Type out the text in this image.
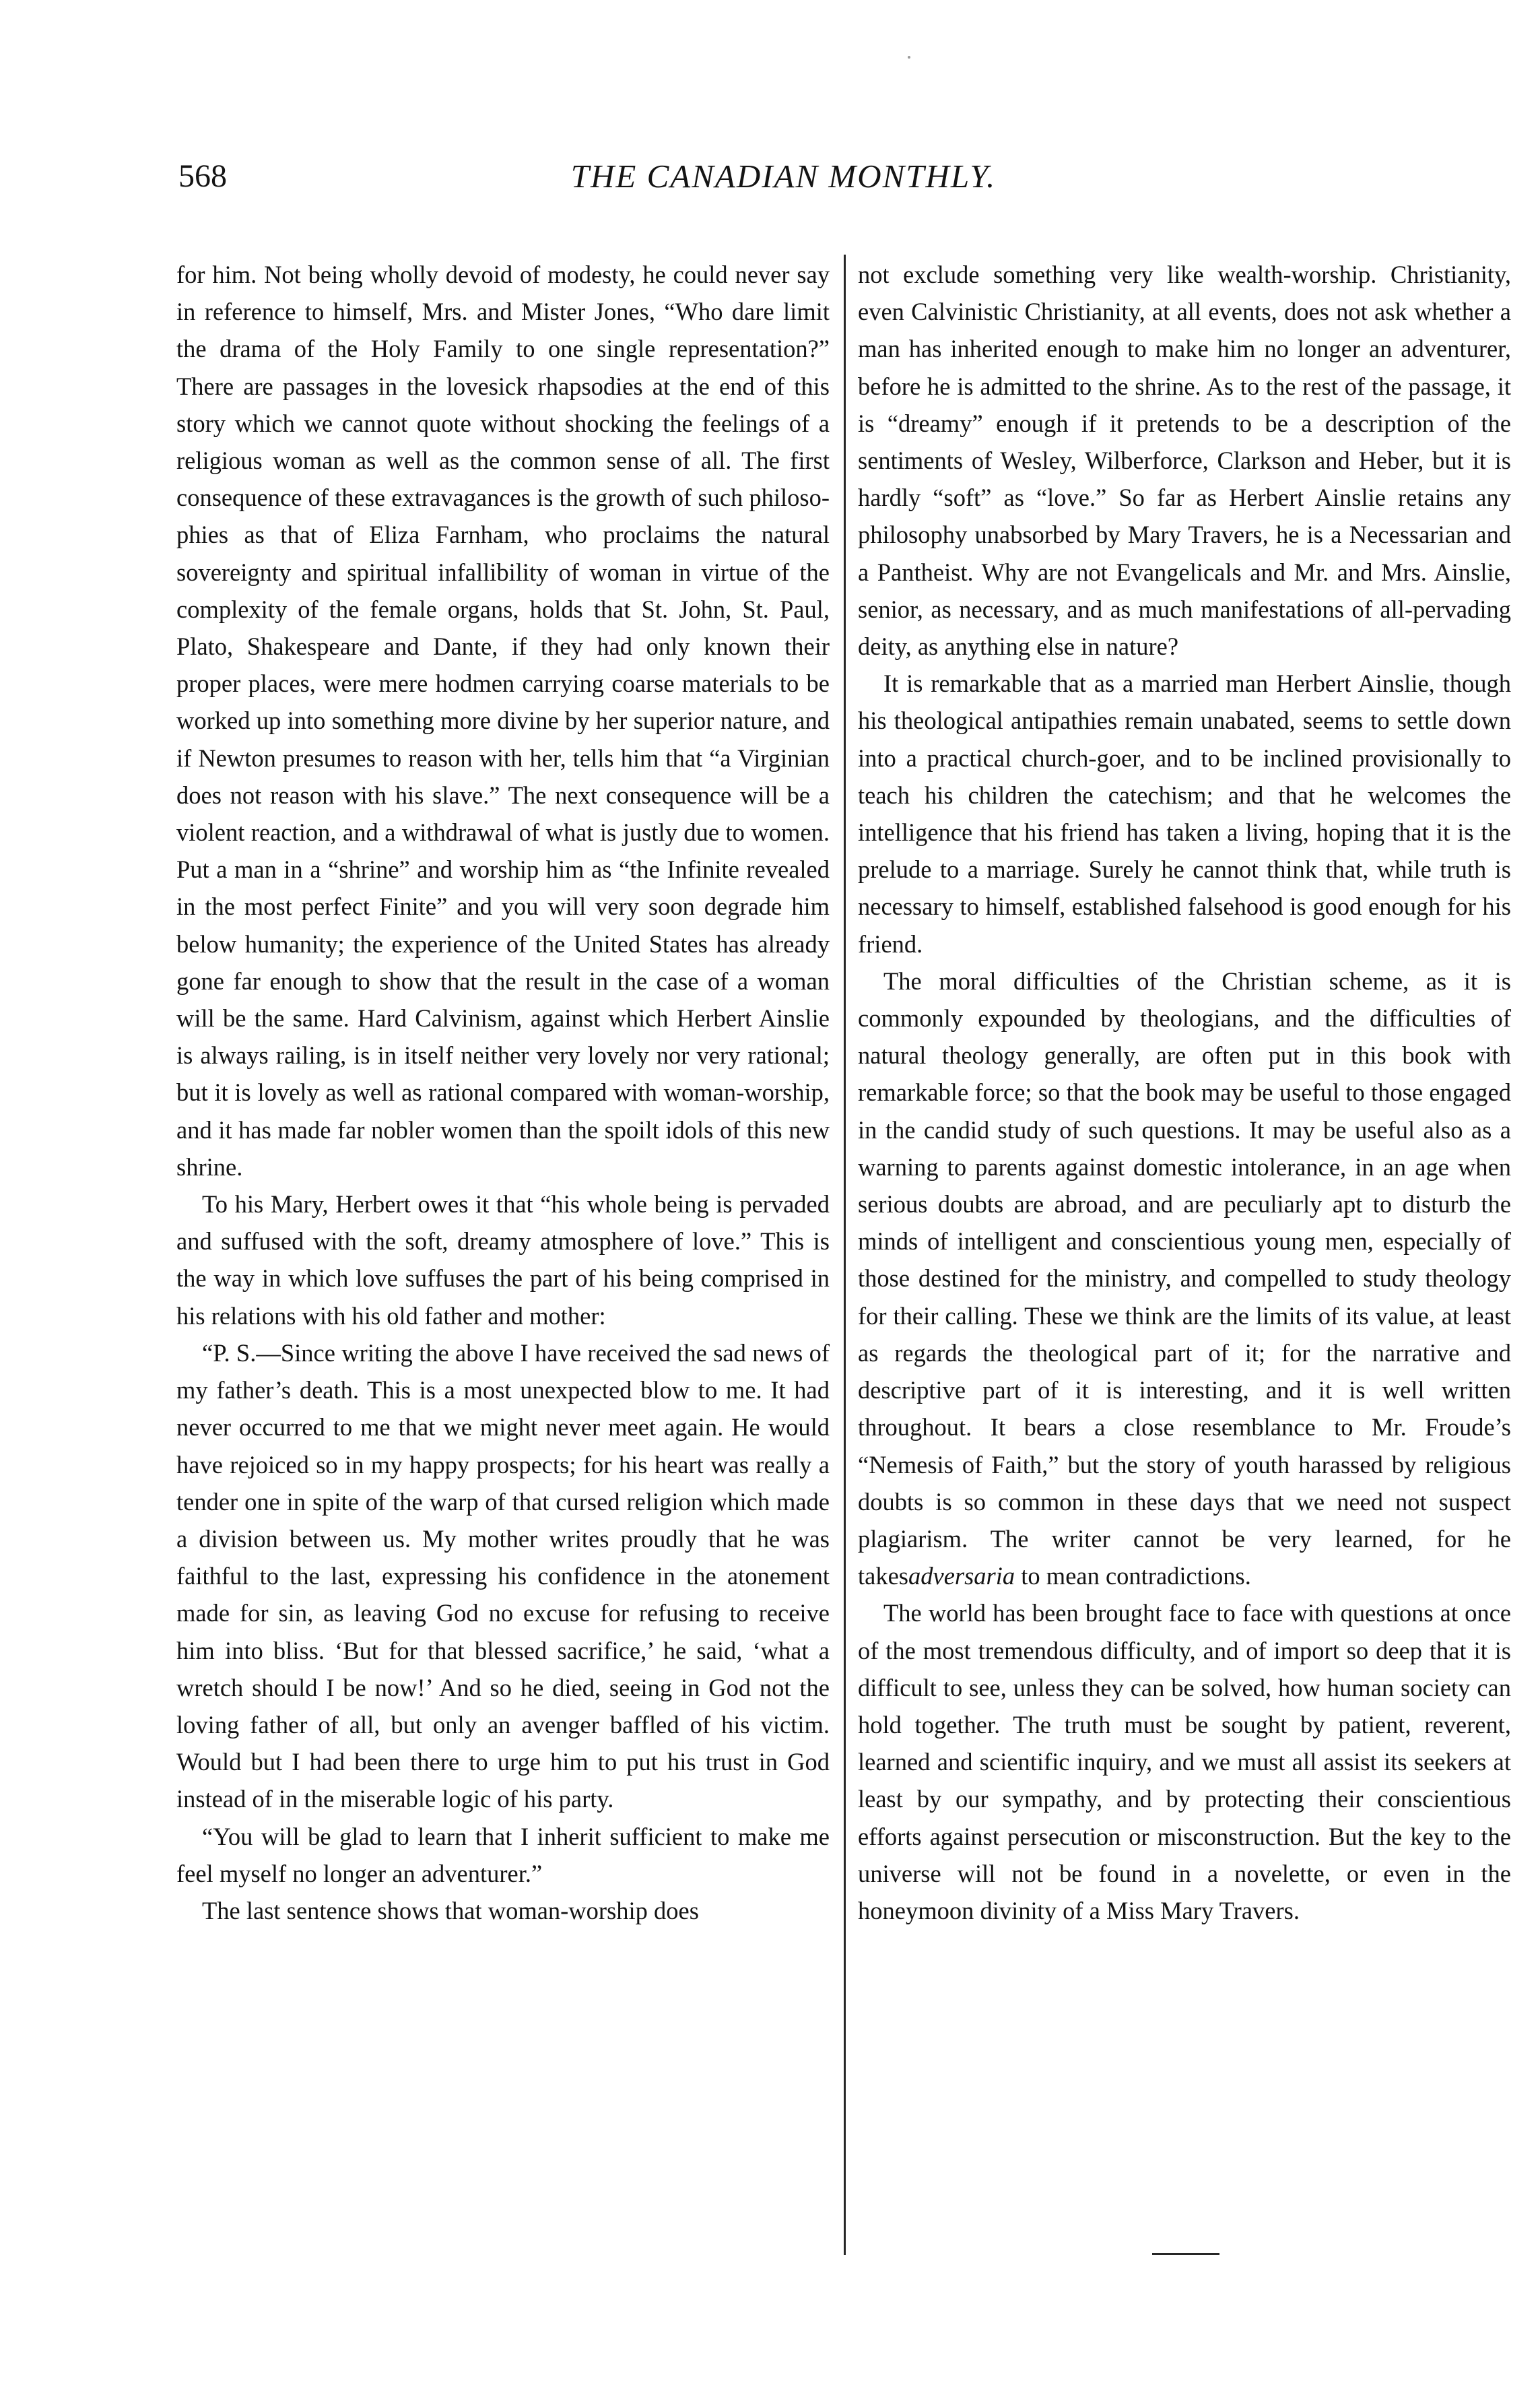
568	THE CANADIAN MONTHLY.

for him. Not being wholly devoid of modesty, he could never say in reference to himself, Mrs. and Mister Jones, “Who dare limit the drama of the Holy Family to one single representation?” There are passages in the lovesick rhapsodies at the end of this story which we cannot quote without shocking the feelings of a religious woman as well as the common sense of all. The first consequence of these extravagances is the growth of such philosophies as that of Eliza Farnham, who proclaims the natural sovereignty and spiritual infallibility of woman in virtue of the complexity of the female organs, holds that St. John, St. Paul, Plato, Shakespeare and Dante, if they had only known their proper places, were mere hodmen carrying coarse materials to be worked up into something more divine by her superior nature, and if Newton presumes to reason with her, tells him that “a Virginian does not reason with his slave.” The next consequence will be a violent reaction, and a withdrawal of what is justly due to women. Put a man in a “shrine” and worship him as “the Infinite revealed in the most perfect Finite” and you will very soon degrade him below humanity; the experience of the United States has already gone far enough to show that the result in the case of a woman will be the same. Hard Calvinism, against which Herbert Ainslie is always railing, is in itself neither very lovely nor very rational; but it is lovely as well as rational compared with woman-worship, and it has made far nobler women than the spoilt idols of this new shrine.

To his Mary, Herbert owes it that “his whole being is pervaded and suffused with the soft, dreamy atmosphere of love.” This is the way in which love suffuses the part of his being comprised in his relations with his old father and mother:

“P. S.—Since writing the above I have received the sad news of my father’s death. This is a most unexpected blow to me. It had never occurred to me that we might never meet again. He would have rejoiced so in my happy prospects; for his heart was really a tender one in spite of the warp of that cursed religion which made a division between us. My mother writes proudly that he was faithful to the last, expressing his confidence in the atonement made for sin, as leaving God no excuse for refusing to receive him into bliss. ‘But for that blessed sacrifice,’ he said, ‘what a wretch should I be now!’ And so he died, seeing in God not the loving father of all, but only an avenger baffled of his victim. Would but I had been there to urge him to put his trust in God instead of in the miserable logic of his party.

“You will be glad to learn that I inherit sufficient to make me feel myself no longer an adventurer.”

The last sentence shows that woman-worship does

not exclude something very like wealth-worship. Christianity, even Calvinistic Christianity, at all events, does not ask whether a man has inherited enough to make him no longer an adventurer, before he is admitted to the shrine. As to the rest of the passage, it is “dreamy” enough if it pretends to be a description of the sentiments of Wesley, Wilberforce, Clarkson and Heber, but it is hardly “soft” as “love.” So far as Herbert Ainslie retains any philosophy unabsorbed by Mary Travers, he is a Necessarian and a Pantheist. Why are not Evangelicals and Mr. and Mrs. Ainslie, senior, as necessary, and as much manifestations of all-pervading deity, as anything else in nature?

It is remarkable that as a married man Herbert Ainslie, though his theological antipathies remain unabated, seems to settle down into a practical church-goer, and to be inclined provisionally to teach his children the catechism; and that he welcomes the intelligence that his friend has taken a living, hoping that it is the prelude to a marriage. Surely he cannot think that, while truth is necessary to himself, established falsehood is good enough for his friend.

The moral difficulties of the Christian scheme, as it is commonly expounded by theologians, and the difficulties of natural theology generally, are often put in this book with remarkable force; so that the book may be useful to those engaged in the candid study of such questions. It may be useful also as a warning to parents against domestic intolerance, in an age when serious doubts are abroad, and are peculiarly apt to disturb the minds of intelligent and conscientious young men, especially of those destined for the ministry, and compelled to study theology for their calling. These we think are the limits of its value, at least as regards the theological part of it; for the narrative and descriptive part of it is interesting, and it is well written throughout. It bears a close resemblance to Mr. Froude’s “Nemesis of Faith,” but the story of youth harassed by religious doubts is so common in these days that we need not suspect plagiarism. The writer cannot be very learned, for he takesadversaria to mean contradictions.

The world has been brought face to face with questions at once of the most tremendous difficulty, and of import so deep that it is difficult to see, unless they can be solved, how human society can hold together. The truth must be sought by patient, reverent, learned and scientific inquiry, and we must all assist its seekers at least by our sympathy, and by protecting their conscientious efforts against persecution or misconstruction. But the key to the universe will not be found in a novelette, or even in the honeymoon divinity of a Miss Mary Travers.
